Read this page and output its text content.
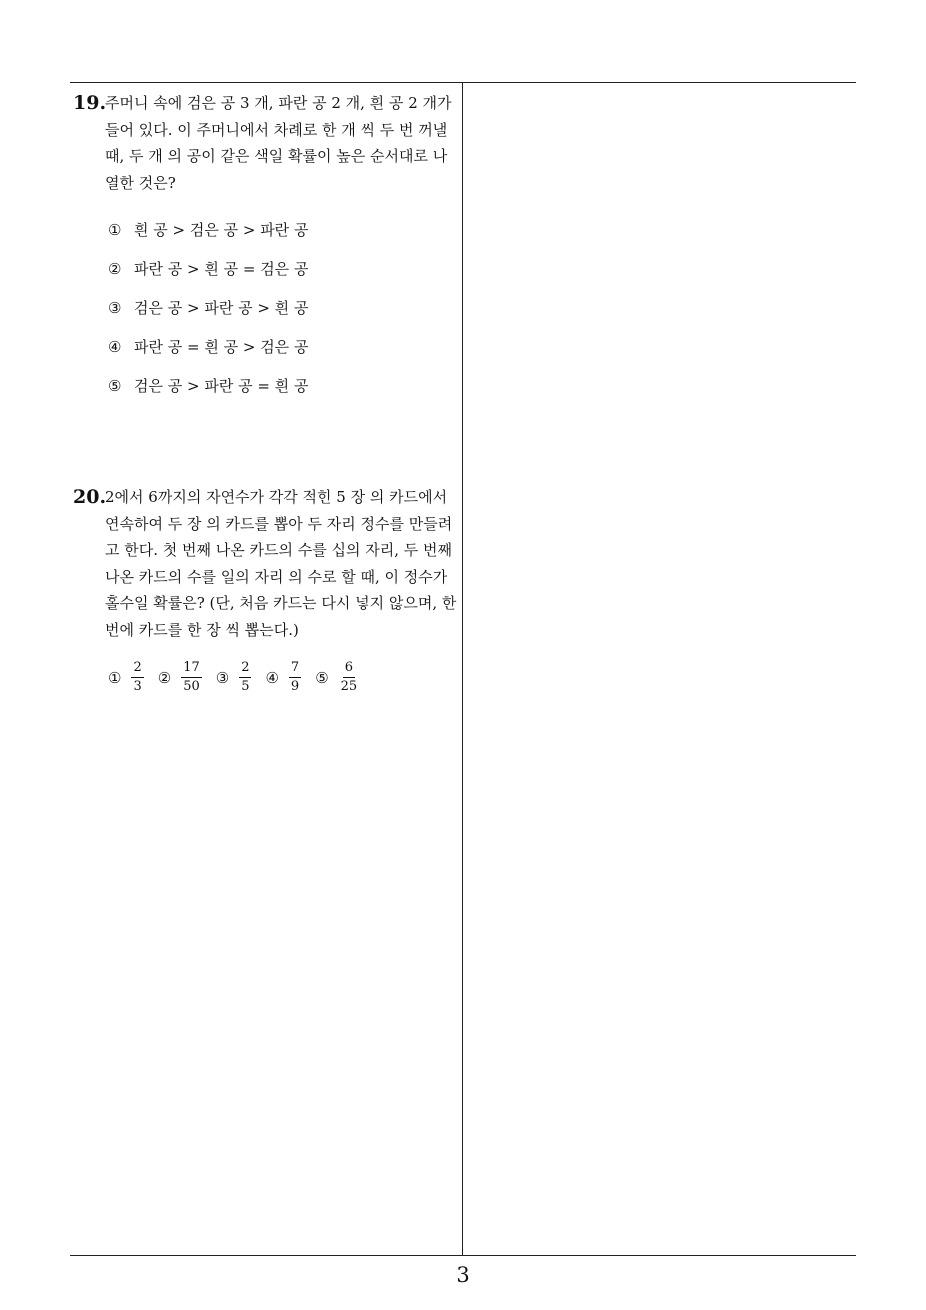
19.
주머니 속에 검은 공 3 개, 파란 공 2 개, 흰 공 2 개가
들어 있다. 이 주머니에서 차례로 한 개 씩 두 번 꺼낼
때, 두 개 의 공이 같은 색일 확률이 높은 순서대로 나
열한 것은?
① 흰 공 > 검은 공 > 파란 공
② 파란 공 > 흰 공 = 검은 공
③ 검은 공 > 파란 공 > 흰 공
④ 파란 공 = 흰 공 > 검은 공
⑤ 검은 공 > 파란 공 = 흰 공
20.
2에서 6까지의 자연수가 각각 적힌 5 장 의 카드에서
연속하여 두 장 의 카드를 뽑아 두 자리 정수를 만들려
고 한다. 첫 번째 나온 카드의 수를 십의 자리, 두 번째
나온 카드의 수를 일의 자리 의 수로 할 때, 이 정수가
홀수일 확률은? (단, 처음 카드는 다시 넣지 않으며, 한
번에 카드를 한 장 씩 뽑는다.)
① $\frac{2}{3}$ ② $\frac{17}{50}$ ③ $\frac{2}{5}$ ④ $\frac{7}{9}$ ⑤ $\frac{6}{25}$
3
